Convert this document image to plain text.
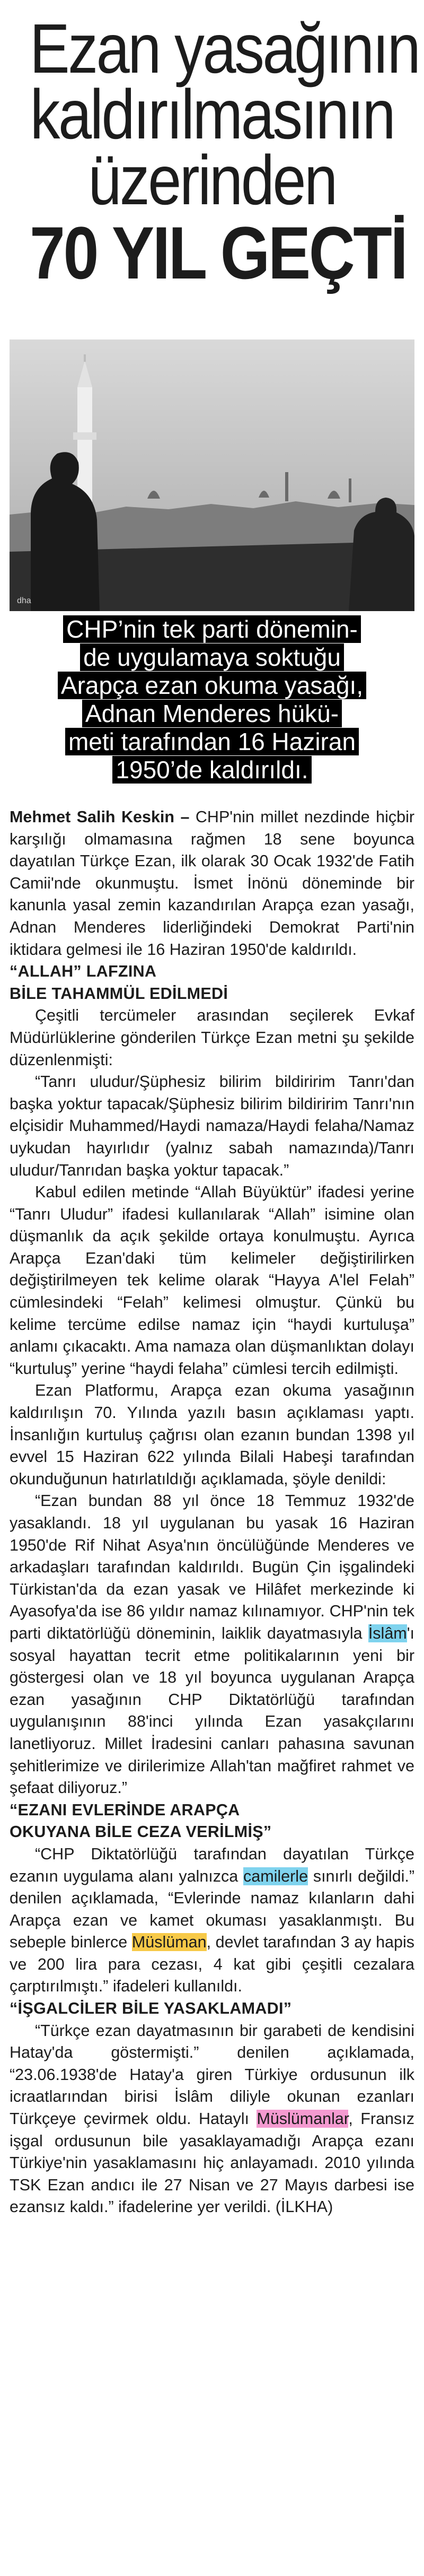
Ezan yasağının
kaldırılmasının
üzerinden
70 YIL GEÇTİ
dha
CHP’nin tek parti dönemin-
de uygulamaya soktuğu
Arapça ezan okuma yasağı,
Adnan Menderes hükü-
meti tarafından 16 Haziran
1950’de kaldırıldı.

Mehmet Salih Keskin – CHP'nin millet nezdinde hiçbir karşılığı olmamasına rağmen 18 sene boyunca dayatılan Türkçe Ezan, ilk olarak 30 Ocak 1932'de Fatih Camii'nde okunmuştu. İsmet İnönü döneminde bir kanunla yasal zemin kazandırılan Arapça ezan yasağı, Adnan Menderes liderliğindeki Demokrat Parti'nin iktidara gelmesi ile 16 Haziran 1950'de kaldırıldı.

“ALLAH” LAFZINA
BİLE TAHAMMÜL EDİLMEDİ

Çeşitli tercümeler arasından seçilerek Evkaf Müdürlüklerine gönderilen Türkçe Ezan metni şu şekilde düzenlenmişti:

“Tanrı uludur/Şüphesiz bilirim bildiririm Tanrı'dan başka yoktur tapacak/Şüphesiz bilirim bildiririm Tanrı'nın elçisidir Muhammed/Haydi namaza/Haydi felaha/Namaz uykudan hayırlıdır (yalnız sabah namazında)/Tanrı uludur/Tanrıdan başka yoktur tapacak.”

Kabul edilen metinde “Allah Büyüktür” ifadesi yerine “Tanrı Uludur” ifadesi kullanılarak “Allah” isimine olan düşmanlık da açık şekilde ortaya konulmuştu. Ayrıca Arapça Ezan'daki tüm kelimeler değiştirilirken değiştirilmeyen tek kelime olarak “Hayya A'lel Felah” cümlesindeki “Felah” kelimesi olmuştur. Çünkü bu kelime tercüme edilse namaz için “haydi kurtuluşa” anlamı çıkacaktı. Ama namaza olan düşmanlıktan dolayı “kurtuluş” yerine “haydi felaha” cümlesi tercih edilmişti.

Ezan Platformu, Arapça ezan okuma yasağının kaldırılışın 70. Yılında yazılı basın açıklaması yaptı. İnsanlığın kurtuluş çağrısı olan ezanın bundan 1398 yıl evvel 15 Haziran 622 yılında Bilali Habeşi tarafından okunduğunun hatırlatıldığı açıklamada, şöyle denildi:

“Ezan bundan 88 yıl önce 18 Temmuz 1932'de yasaklandı. 18 yıl uygulanan bu yasak 16 Haziran 1950'de Rif Nihat Asya'nın öncülüğünde Menderes ve arkadaşları tarafından kaldırıldı. Bugün Çin işgalindeki Türkistan'da da ezan yasak ve Hilâfet merkezinde ki Ayasofya'da ise 86 yıldır namaz kılınamıyor. CHP'nin tek parti diktatörlüğü döneminin, laiklik dayatmasıyla İslâm'ı sosyal hayattan tecrit etme politikalarının yeni bir göstergesi olan ve 18 yıl boyunca uygulanan Arapça ezan yasağının CHP Diktatörlüğü tarafından uygulanışının 88'inci yılında Ezan yasakçılarını lanetliyoruz. Millet İradesini canları pahasına savunan şehitlerimize ve dirilerimize Allah'tan mağfiret rahmet ve şefaat diliyoruz.”

“EZANI EVLERİNDE ARAPÇA
OKUYANA BİLE CEZA VERİLMİŞ”

“CHP Diktatörlüğü tarafından dayatılan Türkçe ezanın uygulama alanı yalnızca camilerle sınırlı değildi.” denilen açıklamada, “Evlerinde namaz kılanların dahi Arapça ezan ve kamet okuması yasaklanmıştı. Bu sebeple binlerce Müslüman, devlet tarafından 3 ay hapis ve 200 lira para cezası, 4 kat gibi çeşitli cezalara çarptırılmıştı.” ifadeleri kullanıldı.

“İŞGALCİLER BİLE YASAKLAMADI”

“Türkçe ezan dayatmasının bir garabeti de kendisini Hatay'da göstermişti.” denilen açıklamada, “23.06.1938'de Hatay'a giren Türkiye ordusunun ilk icraatlarından birisi İslâm diliyle okunan ezanları Türkçeye çevirmek oldu. Hataylı Müslümanlar, Fransız işgal ordusunun bile yasaklayamadığı Arapça ezanı Türkiye'nin yasaklamasını hiç anlayamadı. 2010 yılında TSK Ezan andıcı ile 27 Nisan ve 27 Mayıs darbesi ise ezansız kaldı.” ifadelerine yer verildi. (İLKHA)
